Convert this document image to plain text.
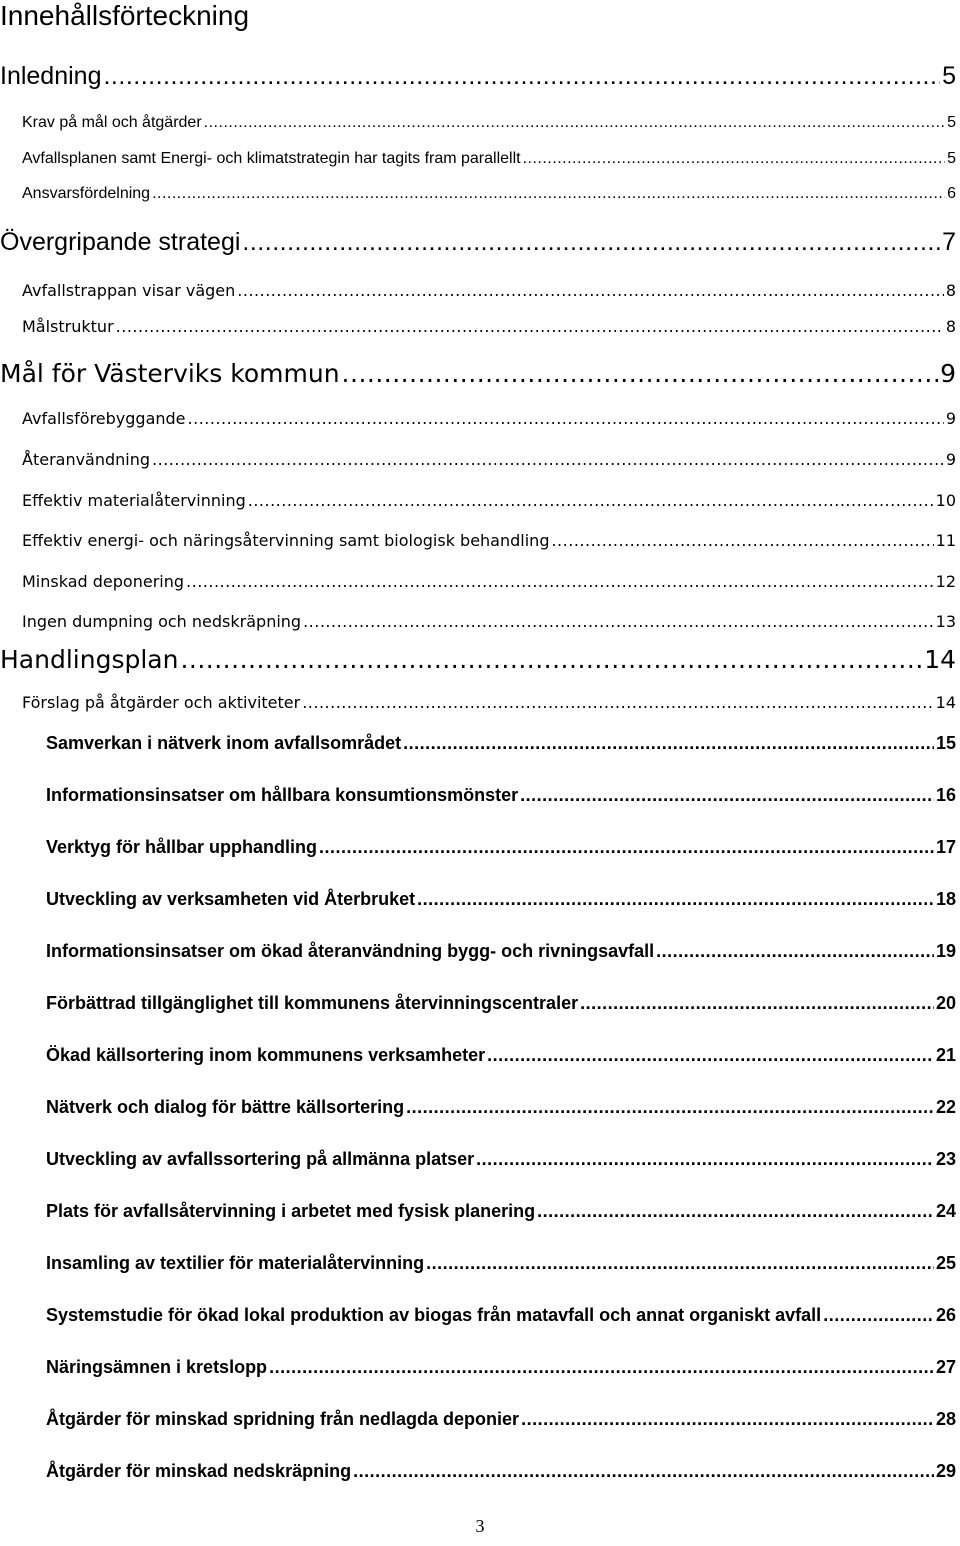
Innehållsförteckning
Inledning .....	5
Krav på mål och åtgärder .....	5
Avfallsplanen samt Energi- och klimatstrategin har tagits fram parallellt .....	5
Ansvarsfördelning .....	6
Övergripande strategi .....	7
Avfallstrappan visar vägen .....	8
Målstruktur .....	8
Mål för Västerviks kommun .....	9
Avfallsförebyggande .....	9
Återanvändning .....	9
Effektiv materialåtervinning .....	10
Effektiv energi- och näringsåtervinning samt biologisk behandling .....	11
Minskad deponering .....	12
Ingen dumpning och nedskräpning .....	13
Handlingsplan .....	14
Förslag på åtgärder och aktiviteter .....	14
Samverkan i nätverk inom avfallsområdet .....	15
Informationsinsatser om hållbara konsumtionsmönster .....	16
Verktyg för hållbar upphandling .....	17
Utveckling av verksamheten vid Återbruket .....	18
Informationsinsatser om ökad återanvändning bygg- och rivningsavfall .....	19
Förbättrad tillgänglighet till kommunens återvinningscentraler .....	20
Ökad källsortering inom kommunens verksamheter .....	21
Nätverk och dialog för bättre källsortering .....	22
Utveckling av avfallssortering på allmänna platser .....	23
Plats för avfallsåtervinning i arbetet med fysisk planering .....	24
Insamling av textilier för materialåtervinning .....	25
Systemstudie för ökad lokal produktion av biogas från matavfall och annat organiskt avfall .....	26
Näringsämnen i kretslopp .....	27
Åtgärder för minskad spridning från nedlagda deponier .....	28
Åtgärder för minskad nedskräpning .....	29
3
